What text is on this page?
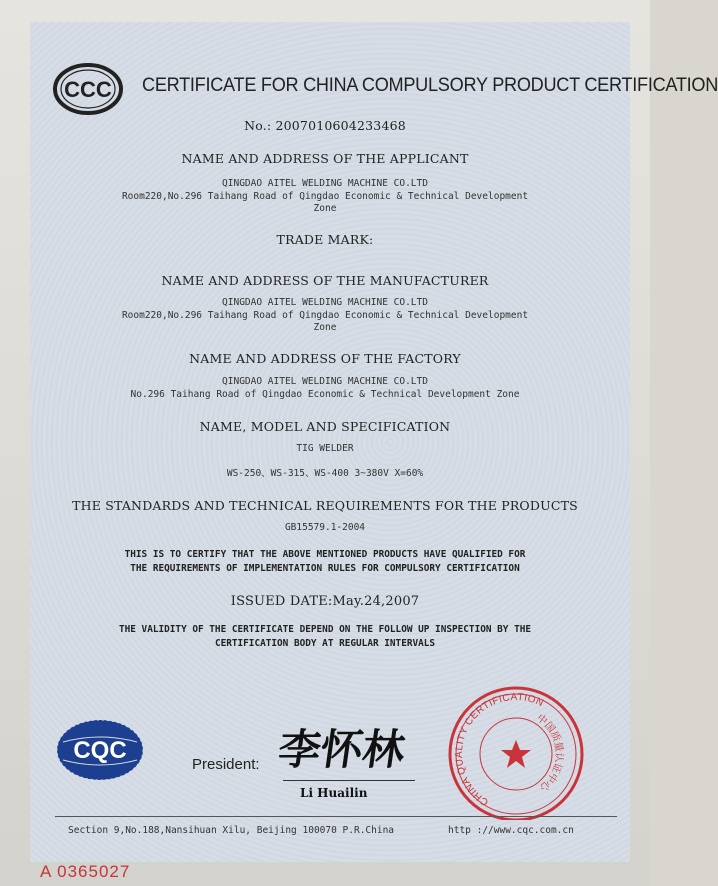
CCC CERTIFICATE FOR CHINA COMPULSORY PRODUCT CERTIFICATION
No.: 2007010604233468
NAME AND ADDRESS OF THE APPLICANT
QINGDAO AITEL WELDING MACHINE CO.LTD
Room220,No.296 Taihang Road of Qingdao Economic & Technical Development
Zone
TRADE MARK:
NAME AND ADDRESS OF THE MANUFACTURER
QINGDAO AITEL WELDING MACHINE CO.LTD
Room220,No.296 Taihang Road of Qingdao Economic & Technical Development
Zone
NAME AND ADDRESS OF THE FACTORY
QINGDAO AITEL WELDING MACHINE CO.LTD
No.296 Taihang Road of Qingdao Economic & Technical Development Zone
NAME, MODEL AND SPECIFICATION
TIG WELDER
WS-250、WS-315、WS-400 3~380V X=60%
THE STANDARDS AND TECHNICAL REQUIREMENTS FOR THE PRODUCTS
GB15579.1-2004
THIS IS TO CERTIFY THAT THE ABOVE MENTIONED PRODUCTS HAVE QUALIFIED FOR
THE REQUIREMENTS OF IMPLEMENTATION RULES FOR COMPULSORY CERTIFICATION
ISSUED DATE:May.24,2007
THE VALIDITY OF THE CERTIFICATE DEPEND ON THE FOLLOW UP INSPECTION BY THE
CERTIFICATION BODY AT REGULAR INTERVALS
CQC
President: 李怀林
Li Huailin
CHINA QUALITY CERTIFICATION
中国质量认证中心
Section 9,No.188,Nansihuan Xilu, Beijing 100070 P.R.China	http ://www.cqc.com.cn
A 0365027
